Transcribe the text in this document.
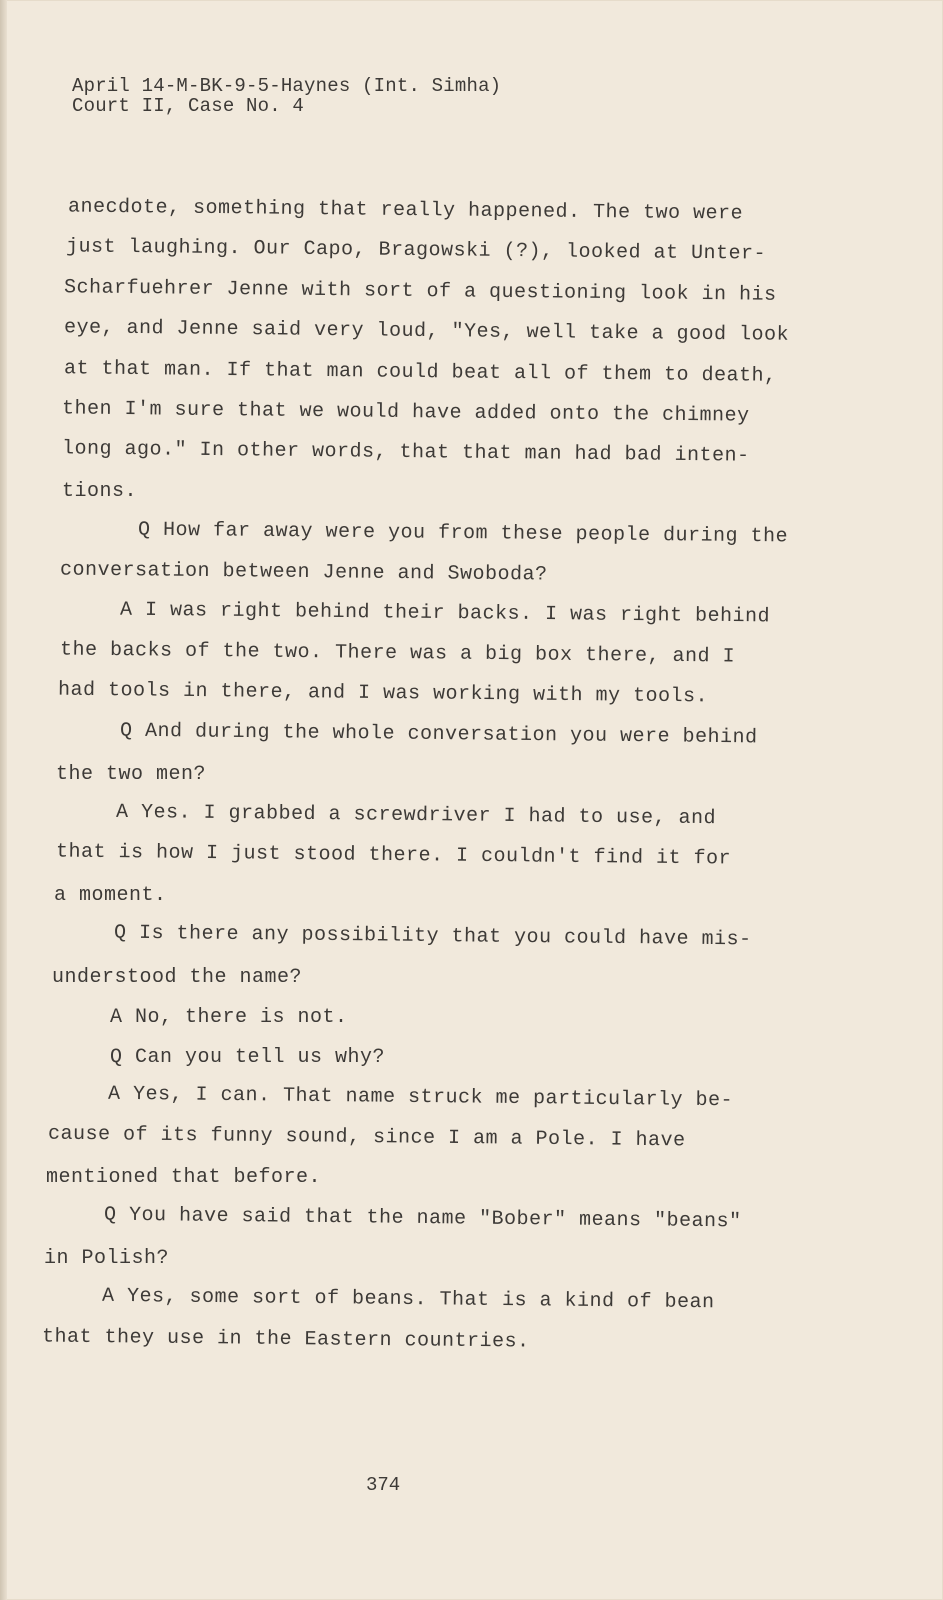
April 14-M-BK-9-5-Haynes (Int. Simha)
Court II, Case No. 4
anecdote, something that really happened. The two were
just laughing. Our Capo, Bragowski (?), looked at Unter-
Scharfuehrer Jenne with sort of a questioning look in his
eye, and Jenne said very loud, "Yes, well take a good look
at that man. If that man could beat all of them to death,
then I'm sure that we would have added onto the chimney
long ago." In other words, that that man had bad inten-
tions.
Q How far away were you from these people during the
conversation between Jenne and Swoboda?
A I was right behind their backs. I was right behind
the backs of the two. There was a big box there, and I
had tools in there, and I was working with my tools.
Q And during the whole conversation you were behind
the two men?
A Yes. I grabbed a screwdriver I had to use, and
that is how I just stood there. I couldn't find it for
a moment.
Q Is there any possibility that you could have mis-
understood the name?
A No, there is not.
Q Can you tell us why?
A Yes, I can. That name struck me particularly be-
cause of its funny sound, since I am a Pole. I have
mentioned that before.
Q You have said that the name "Bober" means "beans"
in Polish?
A Yes, some sort of beans. That is a kind of bean
that they use in the Eastern countries.
374
